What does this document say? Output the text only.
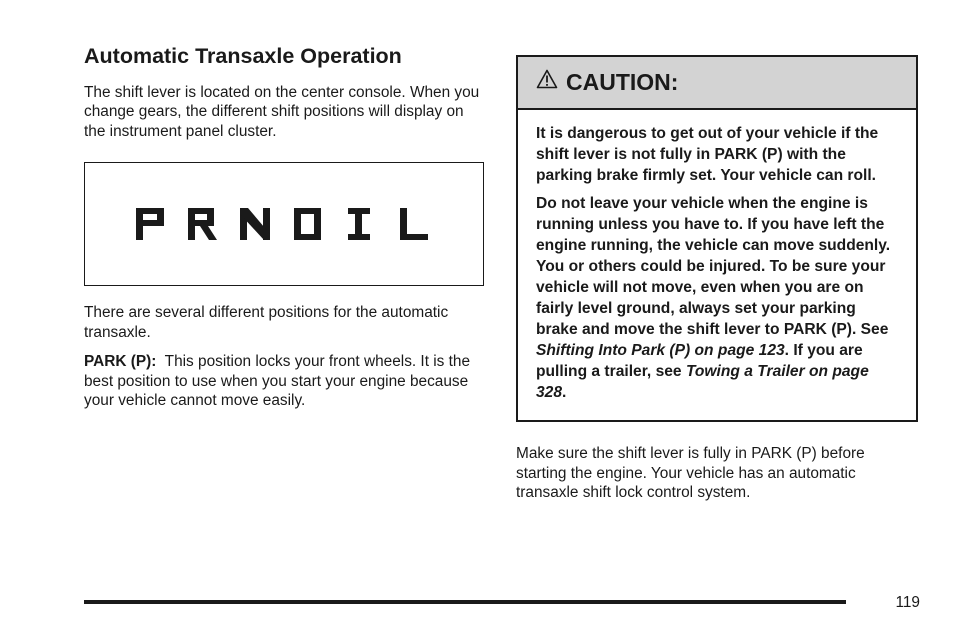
Automatic Transaxle Operation

The shift lever is located on the center console. When you change gears, the different shift positions will display on the instrument panel cluster.

There are several different positions for the automatic transaxle.

PARK (P): This position locks your front wheels. It is the best position to use when you start your engine because your vehicle cannot move easily.

CAUTION:

It is dangerous to get out of your vehicle if the shift lever is not fully in PARK (P) with the parking brake firmly set. Your vehicle can roll.

Do not leave your vehicle when the engine is running unless you have to. If you have left the engine running, the vehicle can move suddenly. You or others could be injured. To be sure your vehicle will not move, even when you are on fairly level ground, always set your parking brake and move the shift lever to PARK (P). See Shifting Into Park (P) on page 123. If you are pulling a trailer, see Towing a Trailer on page 328.

Make sure the shift lever is fully in PARK (P) before starting the engine. Your vehicle has an automatic transaxle shift lock control system.

119
